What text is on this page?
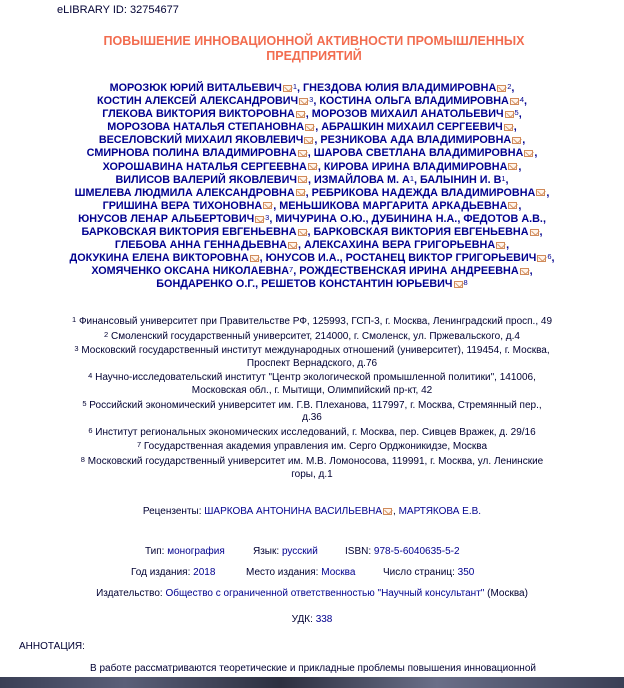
eLIBRARY ID: 32754677
ПОВЫШЕНИЕ ИННОВАЦИОННОЙ АКТИВНОСТИ ПРОМЫШЛЕННЫХ
ПРЕДПРИЯТИЙ
МОРОЗЮК ЮРИЙ ВИТАЛЬЕВИЧ $^1$, ГНЕЗДОВА ЮЛИЯ ВЛАДИМИРОВНА $^2$,
КОСТИН АЛЕКСЕЙ АЛЕКСАНДРОВИЧ $^3$, КОСТИНА ОЛЬГА ВЛАДИМИРОВНА $^4$,
ГЛЕКОВА ВИКТОРИЯ ВИКТОРОВНА , МОРОЗОВ МИХАИЛ АНАТОЛЬЕВИЧ $^5$,
МОРОЗОВА НАТАЛЬЯ СТЕПАНОВНА , АБРАШКИН МИХАИЛ СЕРГЕЕВИЧ ,
ВЕСЕЛОВСКИЙ МИХАИЛ ЯКОВЛЕВИЧ , РЕЗНИКОВА АДА ВЛАДИМИРОВНА ,
СМИРНОВА ПОЛИНА ВЛАДИМИРОВНА , ШАРОВА СВЕТЛАНА ВЛАДИМИРОВНА ,
ХОРОШАВИНА НАТАЛЬЯ СЕРГЕЕВНА , КИРОВА ИРИНА ВЛАДИМИРОВНА ,
ВИЛИСОВ ВАЛЕРИЙ ЯКОВЛЕВИЧ , ИЗМАЙЛОВА М. $А^1$, БАЛЫНИН И. $В^1$,
ШМЕЛЕВА ЛЮДМИЛА АЛЕКСАНДРОВНА , РЕБРИКОВА НАДЕЖДА ВЛАДИМИРОВНА ,
ГРИШИНА ВЕРА ТИХОНОВНА , МЕНЬШИКОВА МАРГАРИТА АРКАДЬЕВНА ,
ЮНУСОВ ЛЕНАР АЛЬБЕРТОВИЧ $^3$, МИЧУРИНА О.Ю., ДУБИНИНА Н.А., ФЕДОТОВ А.В.,
БАРКОВСКАЯ ВИКТОРИЯ ЕВГЕНЬЕВНА , БАРКОВСКАЯ ВИКТОРИЯ ЕВГЕНЬЕВНА ,
ГЛЕБОВА АННА ГЕННАДЬЕВНА , АЛЕКСАХИНА ВЕРА ГРИГОРЬЕВНА ,
ДОКУКИНА ЕЛЕНА ВИКТОРОВНА , ЮНУСОВ И.А., РОСТАНЕЦ ВИКТОР ГРИГОРЬЕВИЧ $^6$,
ХОМЯЧЕНКО ОКСАНА НИКОЛАЕВНА$^7$, РОЖДЕСТВЕНСКАЯ ИРИНА АНДРЕЕВНА ,
БОНДАРЕНКО О.Г., РЕШЕТОВ КОНСТАНТИН ЮРЬЕВИЧ $^8$
$^1$ Финансовый университет при Правительстве РФ, 125993, ГСП-3, г. Москва, Ленинградский просп., 49
$^2$ Смоленский государственный университет, 214000, г. Смоленск, ул. Пржевальского, д.4
$^3$ Московский государственный институт международных отношений (университет), 119454, г. Москва,
Проспект Вернадского, д.76
$^4$ Научно-исследовательский институт "Центр экологической промышленной политики", 141006,
Московская обл., г. Мытищи, Олимпийский пр-кт, 42
$^5$ Российский экономический университет им. Г.В. Плеханова, 117997, г. Москва, Стремянный пер.,
д.36
$^6$ Институт региональных экономических исследований, г. Москва, пер. Сивцев Вражек, д. 29/16
$^7$ Государственная академия управления им. Серго Орджоникидзе, Москва
$^8$ Московский государственный университет им. М.В. Ломоносова, 119991, г. Москва, ул. Ленинские
горы, д.1
Рецензенты: ШАРКОВА АНТОНИНА ВАСИЛЬЕВНА , МАРТЯКОВА Е.В.
Тип: монография	Язык: русский	ISBN: 978-5-6040635-5-2
Год издания: 2018	Место издания: Москва	Число страниц: 350
Издательство: Общество с ограниченной ответственностью "Научный консультант" (Москва)
УДК: 338
АННОТАЦИЯ:
В работе рассматриваются теоретические и прикладные проблемы повышения инновационной
